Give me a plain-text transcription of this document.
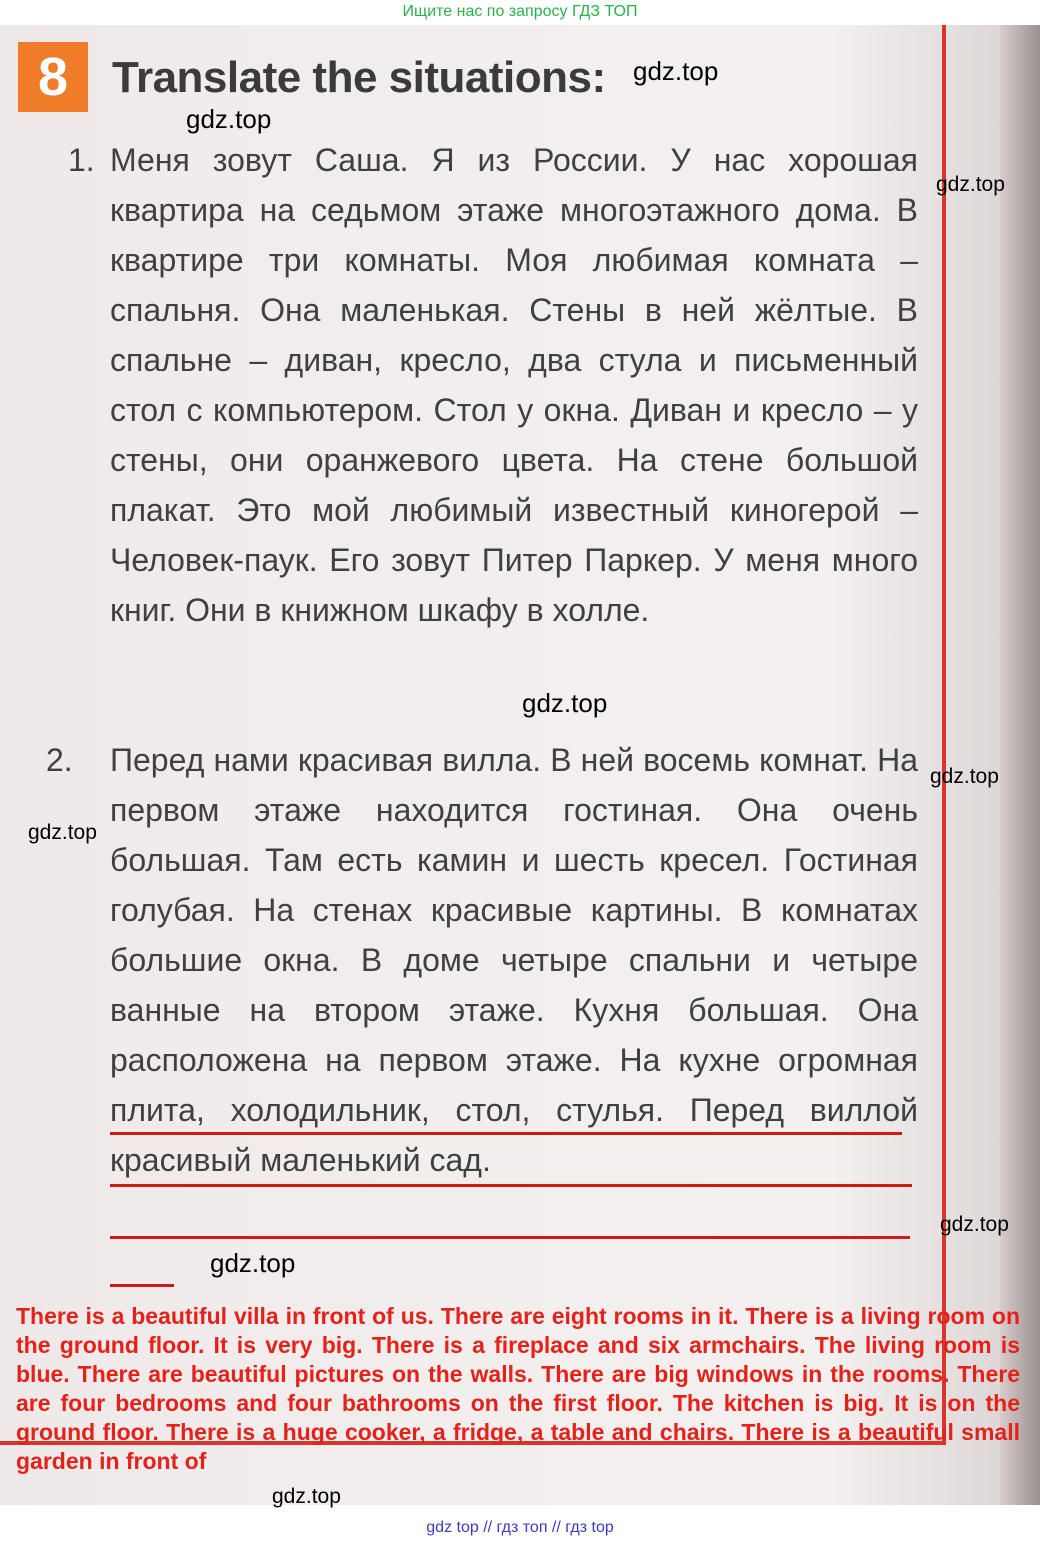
Ищите нас по запросу ГДЗ ТОП
8 Translate the situations: gdz.top
gdz.top
gdz.top
gdz.top
gdz.top
gdz.top
gdz.top
gdz.top
1. Меня зовут Саша. Я из России. У нас хорошая квартира на седьмом этаже многоэтажного дома. В квартире три комнаты. Моя любимая комната – спальня. Она маленькая. Стены в ней жёлтые. В спальне – диван, кресло, два стула и письменный стол с компьютером. Стол у окна. Диван и кресло – у стены, они оранжевого цвета. На стене большой плакат. Это мой любимый известный киногерой – Человек-паук. Его зовут Питер Паркер. У меня много книг. Они в книжном шкафу в холле.
2. Перед нами красивая вилла. В ней восемь комнат. На первом этаже находится гостиная. Она очень большая. Там есть камин и шесть кресел. Гостиная голубая. На стенах красивые картины. В комнатах большие окна. В доме четыре спальни и четыре ванные на втором этаже. Кухня большая. Она расположена на первом этаже. На кухне огромная плита, холодильник, стол, стулья. Перед виллой красивый маленький сад.
There is a beautiful villa in front of us. There are eight rooms in it. There is a living room on the ground floor. It is very big. There is a fireplace and six armchairs. The living room is blue. There are beautiful pictures on the walls. There are big windows in the rooms. There are four bedrooms and four bathrooms on the first floor. The kitchen is big. It is on the ground floor. There is a huge cooker, a fridge, a table and chairs. There is a beautiful small garden in front of
gdz.top
gdz top // гдз топ // гдз top
